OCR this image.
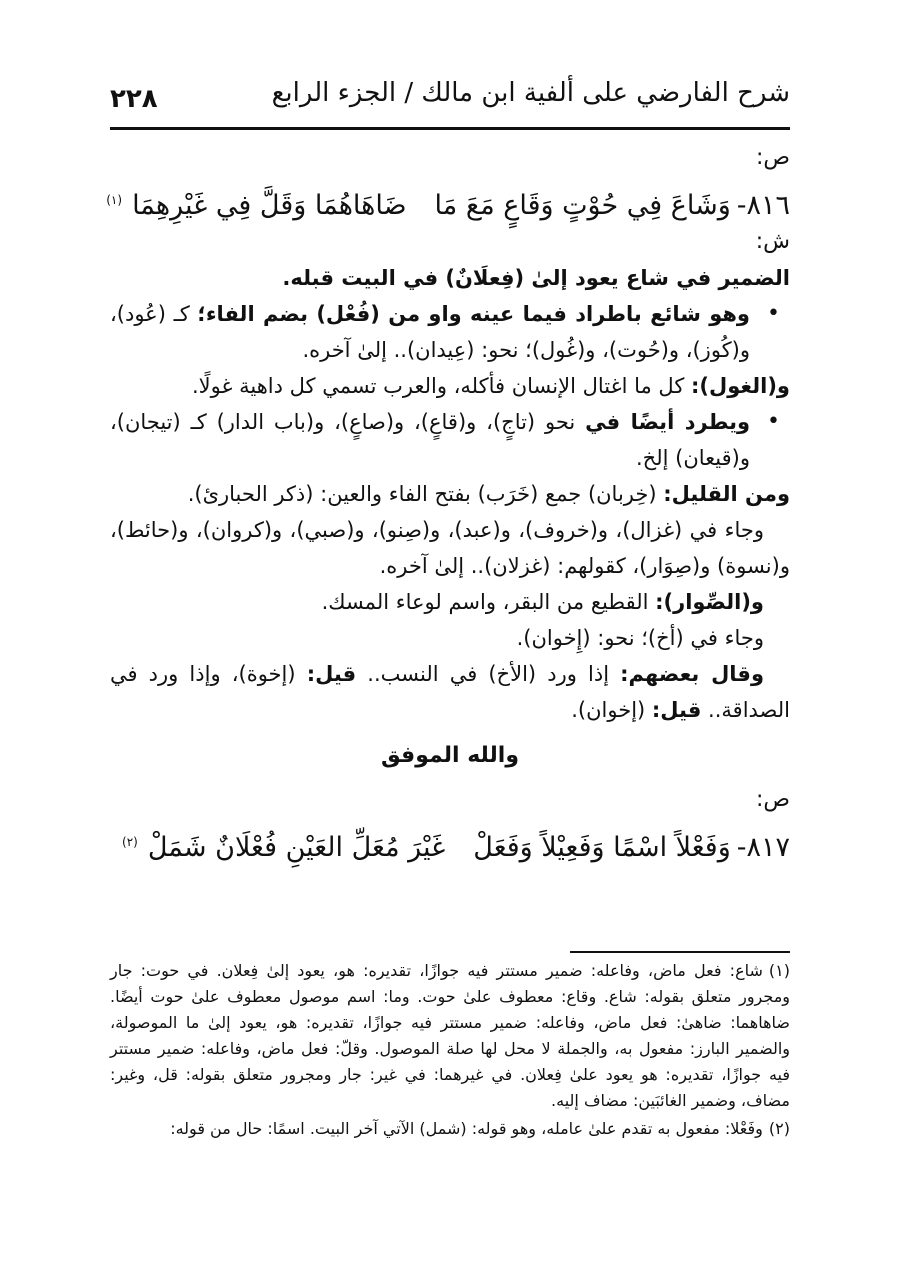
٢٢٨	شرح الفارضي على ألفية ابن مالك / الجزء الرابع

ص:

٨١٦-وَشَاعَ فِي حُوْتٍ وَقَاعٍ مَعَ مَاضَاهَاهُمَا وَقَلَّ فِي غَيْرِهِمَا$^{(١)}$

ش:

الضمير في شاع يعود إلىٰ (فِعلَانٌ) في البيت قبله.

• وهو شائع باطراد فيما عينه واو من (فُعْل) بضم الفاء؛ كـ (عُود)، و(كُوز)، و(حُوت)، و(غُول)؛ نحو: (عِيدان).. إلىٰ آخره.

و(الغول): كل ما اغتال الإنسان فأكله، والعرب تسمي كل داهية غولًا.

• ويطرد أيضًا في نحو (تاجٍ)، و(قاعٍ)، و(صاعٍ)، و(باب الدار) كـ (تيجان)، و(قيعان) إلخ.

ومن القليل: (خِربان) جمع (خَرَب) بفتح الفاء والعين: (ذكر الحبارئ).

وجاء في (غزال)، و(خروف)، و(عبد)، و(صِنو)، و(صبي)، و(كروان)، و(حائط)، و(نسوة) و(صِوَار)، كقولهم: (غزلان).. إلىٰ آخره.

و(الصِّوار): القطيع من البقر، واسم لوعاء المسك.

وجاء في (أخ)؛ نحو: (إِخوان).

وقال بعضهم: إذا ورد (الأخ) في النسب.. قيل: (إخوة)، وإذا ورد في الصداقة.. قيل: (إخوان).

والله الموفق

ص:

٨١٧-وَفَعْلاً اسْمًا وَفَعِيْلاً وَفَعَلْغَيْرَ مُعَلِّ العَيْنِ فُعْلَانٌ شَمَلْ$^{(٢)}$

(١)شاع: فعل ماض، وفاعله: ضمير مستتر فيه جوازًا، تقديره: هو، يعود إلىٰ فِعلان. في حوت: جار ومجرور متعلق بقوله: شاع. وقاع: معطوف علىٰ حوت. وما: اسم موصول معطوف علىٰ حوت أيضًا. ضاهاهما: ضاهىٰ: فعل ماض، وفاعله: ضمير مستتر فيه جوازًا، تقديره: هو، يعود إلىٰ ما الموصولة، والضمير البارز: مفعول به، والجملة لا محل لها صلة الموصول. وقلّ: فعل ماض، وفاعله: ضمير مستتر فيه جوازًا، تقديره: هو يعود علىٰ فِعلان. في غيرهما: في غير: جار ومجرور متعلق بقوله: قل، وغير: مضاف، وضمير الغائبَين: مضاف إليه.

(٢)وفَعْلا: مفعول به تقدم علىٰ عامله، وهو قوله: (شمل) الآتي آخر البيت. اسمًا: حال من قوله:
